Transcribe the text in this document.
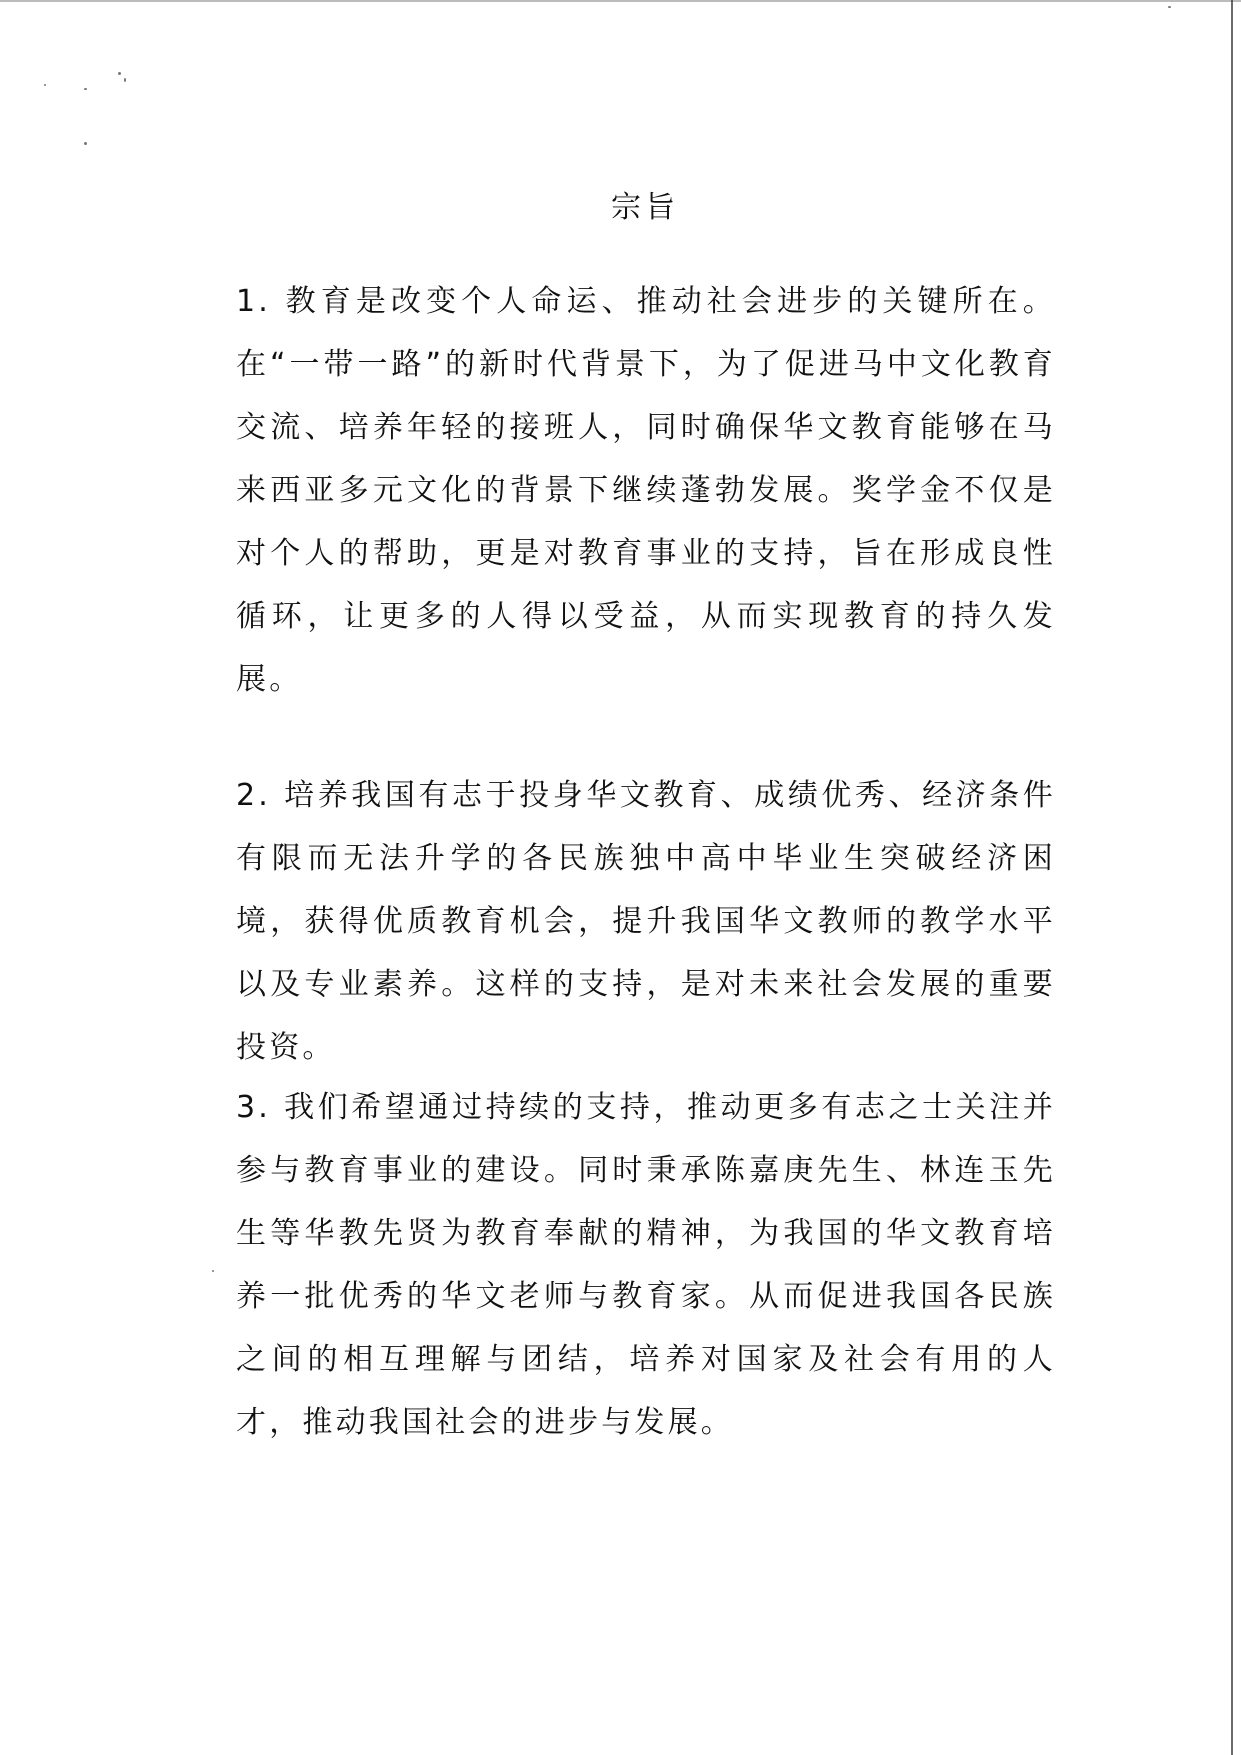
宗旨

1. 教育是改变个人命运、推动社会进步的关键所在。在“一带一路”的新时代背景下，为了促进马中文化教育交流、培养年轻的接班人，同时确保华文教育能够在马来西亚多元文化的背景下继续蓬勃发展。奖学金不仅是对个人的帮助，更是对教育事业的支持，旨在形成良性循环，让更多的人得以受益，从而实现教育的持久发展。

2. 培养我国有志于投身华文教育、成绩优秀、经济条件有限而无法升学的各民族独中高中毕业生突破经济困境，获得优质教育机会，提升我国华文教师的教学水平以及专业素养。这样的支持，是对未来社会发展的重要投资。

3. 我们希望通过持续的支持，推动更多有志之士关注并参与教育事业的建设。同时秉承陈嘉庚先生、林连玉先生等华教先贤为教育奉献的精神，为我国的华文教育培养一批优秀的华文老师与教育家。从而促进我国各民族之间的相互理解与团结，培养对国家及社会有用的人才，推动我国社会的进步与发展。
